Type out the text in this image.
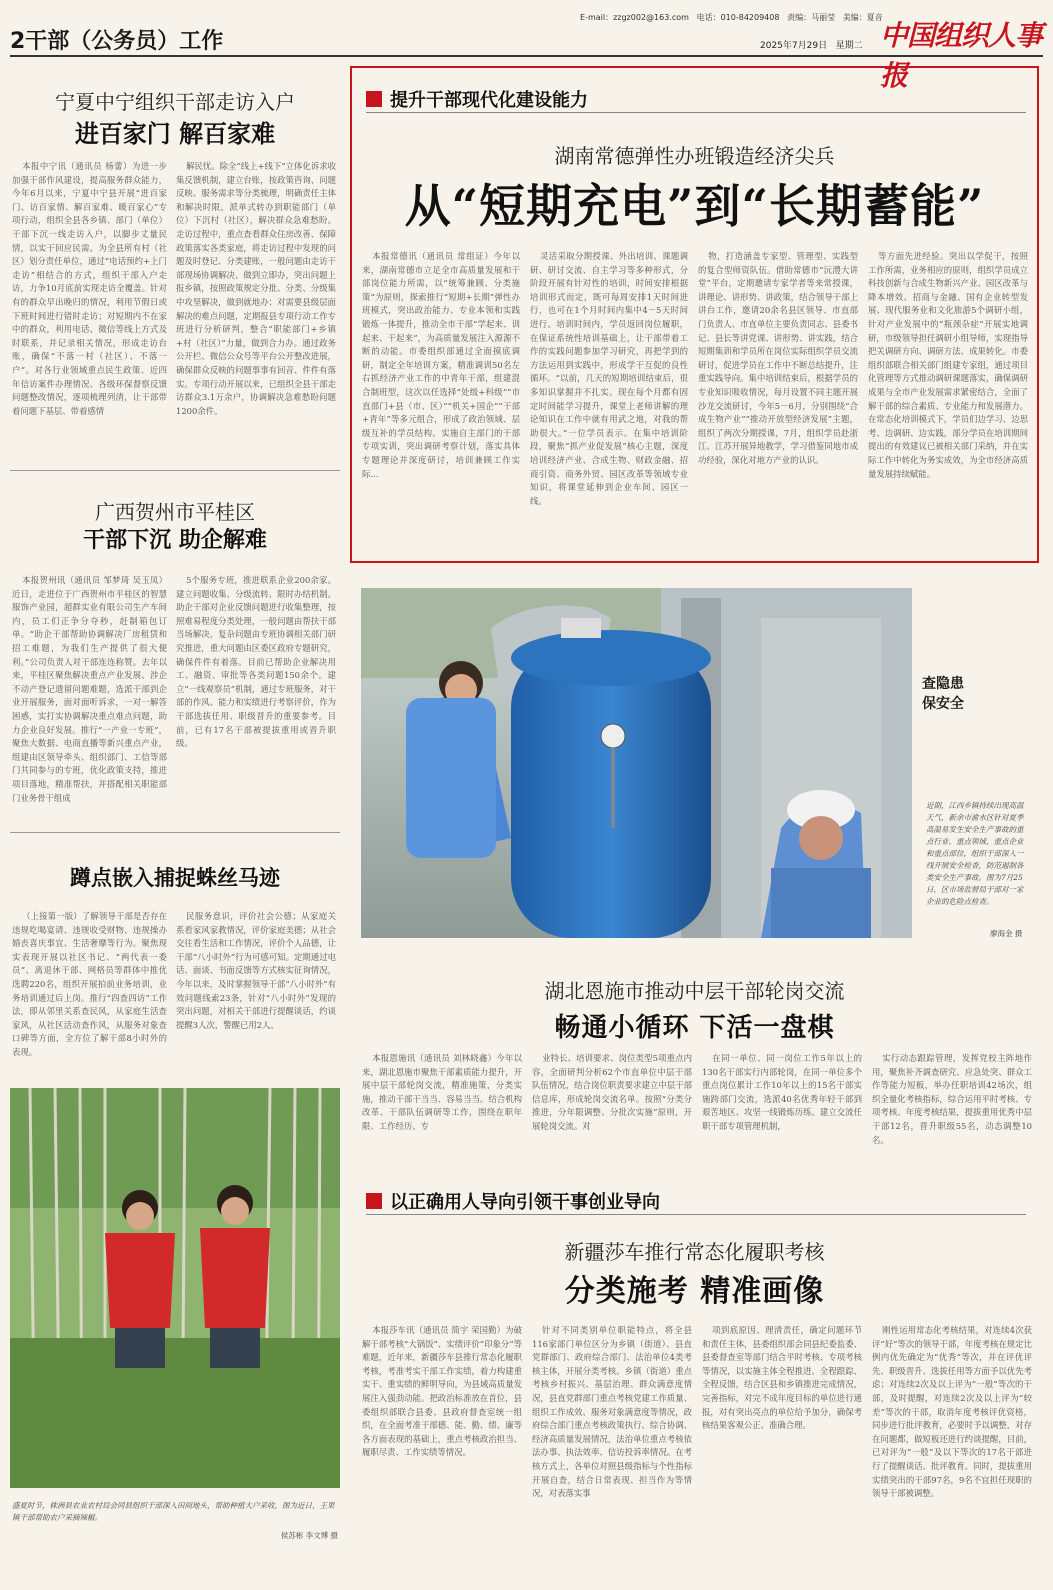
2干部（公务员）工作
E-mail：zzgz002@163.com 电话：010-84209408 责编：马丽莹 美编：夏音
2025年7月29日 星期二 中国组织人事报
宁夏中宁组织干部走访入户
进百家门 解百家难

本报中宁讯（通讯员 杨蕾）为进一步加强干部作风建设，提高服务群众能力，今年6月以来，宁夏中宁县开展“进百家门、访百家情、解百家难、暖百家心”专项行动，组织全县各乡镇、部门（单位）干部下沉一线走访入户，以脚步丈量民情，以实干回应民需。为全县所有村（社区）划分责任单位，通过“电话预约+上门走访”相结合的方式，组织干部入户走访，力争10月底前实现走访全覆盖。针对有的群众早出晚归的情况，利用节假日或下班时间进行错时走访；对短期内不在家中的群众，利用电话、微信等线上方式及时联系，并记录相关情况，形成走访台账，确保“不落一村（社区）、不落一户”。对各行业领域重点民生政策、近四年信访案件办理情况、各级环保督察反馈问题整改情况，逐项梳理列清，让干部带着问题下基层、带着感情

解民忧。除全“线上+线下”立体化诉求收集反馈机制，建立台账，按政策咨询、问题反映、服务需求等分类梳理，明确责任主体和解决时限，派单式转办到职能部门（单位）下沉村（社区），解决群众急难愁盼。走访过程中，重点查看群众住房改善、保障政策落实各类家庭，将走访过程中发现的问题及时登记、分类建账，一般问题由走访干部现场协调解决、做到立即办，突出问题上报乡镇，按照政策规定分批、分类、分级集中攻坚解决，做到就地办；对需要县级层面解决的难点问题，定期报县专项行动工作专班进行分析研判，整合“职能部门+乡镇+村（社区）”力量，做到合力办。通过政务公开栏、微信公众号等平台公开整改进展，确保群众反映的问题事事有回音、件件有落实。专项行动开展以来，已组织全县干部走访群众3.1万余户，协调解决急难愁盼问题1200余件。

广西贺州市平桂区
干部下沉 助企解难

本报贺州讯（通讯员 邹梦琦 吴玉凤）近日，走进位于广西贺州市平桂区的智慧服饰产业园，超群实业有限公司生产车间内，员工们正争分夺秒，赶制箱包订单。“助企干部帮助协调解决厂房租赁和招工难题，为我们生产提供了很大便利。”公司负责人对干部连连称赞。去年以来，平桂区聚焦解决重点产业发展、涉企不动产登记遗留问题难题，选派干部到企业开展服务，面对面听诉求，一对一解答困惑，实打实协调解决重点难点问题，助力企业良好发展。推行“一产业一专班”，聚焦大数据、电商直播等新兴重点产业，组建由区领导牵头、组织部门、工信等部门共同参与的专班，优化政策支持，推进项目落地，精准帮扶，并搭配相关职能部门业务骨干组成

5个服务专班，推进联系企业200余家。建立问题收集、分级流转、限时办结机制。助企干部对企业反馈问题进行收集整理，按照难易程度分类处理，一般问题由帮扶干部当场解决，复杂问题由专班协调相关部门研究推进，重大问题由区委区政府专题研究，确保件件有着落。目前已帮助企业解决用工、融资、审批等各类问题150余个。建立“一线观察员”机制，通过专班服务，对干部的作风、能力和实绩进行考察评价，作为干部选拔任用、职级晋升的重要参考。目前，已有17名干部被提拔重用或晋升职级。

蹲点嵌入捕捉蛛丝马迹

（上接第一版）了解领导干部是否存在违规吃喝宴请、违规收受财物、违规操办婚丧喜庆事宜、生活奢靡等行为。聚焦现实表现开展以社区书记、“两代表一委员”、离退休干部、网格员等群体中推优选聘220名，组织开展拍前业务培训，业务培训通过后上岗。推行“四查四访”工作法，即从邻里关系查民风，从家庭生活查家风，从社区活动查作风，从服务对象查口碑等方面，全方位了解干部8小时外的表现。

民服务意识，评价社会公德；从家庭关系看家风家教情况，评价家庭美德；从社会交往看生活和工作情况，评价个人品德，让干部“八小时外”行为可感可知。定期通过电话、面谈、书面反馈等方式核实征询情况，今年以来，及时掌握领导干部“八小时外”有效问题线索23条，针对“八小时外”发现的突出问题，对相关干部进行提醒谈话，约谈提醒3人次，警醒已用2人。

提升干部现代化建设能力
湖南常德弹性办班锻造经济尖兵
从“短期充电”到“长期蓄能”

本报常德讯（通讯员 常组证）今年以来，湖南常德市立足全市高质量发展和干部岗位能力所需，以“统筹兼顾、分类施策”为原则，探索推行“短期+长期”弹性办班模式，突出政治能力、专业本领和实践锻炼一体提升，推动全市干部“学起来、训起来、干起来”，为高质量发展注入源源不断的动能。市委组织部通过全面摸底调研，制定全年培训方案，精准调训50名左右抓经济产业工作的中青年干部，组建混合制班型，这次以任选择“处级+科级”“市直部门+县（市、区）”“机关+国企”“干部+青年”等多元组合，形成了政治领域、层级互补的学员结构。实施自主部门的干部专项实训，突出调研考察计划，落实具体专题理论并深度研讨，培训兼顾工作实际...

灵活采取分期授课、外出培训、课题调研、研讨交流、自主学习等多种形式，分阶段开展有针对性的培训，时间安排根据培训形式而定，既可每周安排1天时间进行，也可在1个月时间内集中4－5天时间进行。培训时间内，学员返回岗位履职，在保证系统性培训基础上，让干部带着工作的实践问题参加学习研究，再把学到的方法运用到实践中，形成学干互促的良性循环。“以前，几天的短期培训结束后，很多知识掌握并不扎实。现在每个月都有固定时间能学习提升，课堂上老师讲解的理论知识在工作中就有用武之地，对我的帮助很大。”一位学员表示。在集中培训阶段，聚焦“抓产业促发展”核心主题，深度培训经济产业、合成生物、财政金融、招商引资、商务外贸、园区改革等领域专业知识，将课堂延伸到企业车间、园区一线。

物，打造涵盖专家型、管理型、实践型的复合型师资队伍。借助常德市“沅澧大讲堂”平台，定期邀请专家学者等来常授课，讲理论、讲形势、讲政策，结合领导干部上讲台工作，邀请20余名县区领导、市直部门负责人、市直单位主要负责同志、县委书记、县长等讲党课、讲形势、讲实践，结合短期集训和学员所在岗位实际组织学员交流研讨，促进学员在工作中不断总结提升，注重实践导向。集中培训结束后，根据学员的专业知识吸收情况，每月设置不同主题开展沙龙交流研讨，今年5－6月，分别围绕“合成生物产业”“推动开放型经济发展”主题，组织了两次分期授课，7月，组织学员赴浙江、江苏开展异地教学，学习借鉴同地市成功经验，深化对地方产业的认识。

等方面先进经验。突出以学促干，按照工作所需，业务相应的原则，组织学员成立科技创新与合成生物新兴产业、园区改革与降本增效、招商与金融、国有企业转型发展、现代服务业和文化旅游5个调研小组，针对产业发展中的“瓶颈杂症”开展实地调研，市级领导担任调研小组导师，实现指导把关调研方向、调研方法、成果转化。市委组织部联合相关部门组建专家组，通过项目化管理等方式推动调研课题落实，确保调研成果与全市产业发展需求紧密结合，全面了解干部的综合素质、专业能力和发展潜力。在常态化培训模式下，学员们边学习、边思考、边调研、边实践，部分学员在培训期间提出的有效建议已被相关部门采纳，并在实际工作中转化为务实成效，为全市经济高质量发展持续赋能。

查隐患
保安全
近期，江西乡镇持续出现高温天气，新余市渝水区针对夏季高温易发生安全生产事故的重点行业、重点领域、重点企业和重点部位，组织干部深入一线开展安全检查，防范遏制各类安全生产事故。图为7月25日，区市场监督局干部对一家企业的危险点检查。
廖海金 摄
湖北恩施市推动中层干部轮岗交流
畅通小循环 下活一盘棋

本报恩施讯（通讯员 刘林晓鑫）今年以来，湖北恩施市聚焦干部素质能力提升，开展中层干部轮岗交流，精准施策，分类实施，推动干部干当当、容易当当。结合机构改革、干部队伍调研等工作，围绕在职年限、工作经历、专

业特长、培训要求、岗位类型5项重点内容，全面研判分析62个市直单位中层干部队伍情况，结合岗位职责要求建立中层干部信息库，形成轮岗交流名单。按照“分类分推进，分年限调整、分批次实施”原则，开展轮岗交流。对

在同一单位、同一岗位工作5年以上的130名干部实行内部轮岗，在同一单位多个重点岗位累计工作10年以上的15名干部实施跨部门交流，选派40名优秀年轻干部到艰苦地区、攻坚一线锻炼历练。建立交流任职干部专项管理机制，

实行动态跟踪管理，发挥党校主阵地作用，聚焦补齐调查研究、应急处突、群众工作等能力短板，举办任职培训42场次，组织全量化考核指标，综合运用平时考核、专项考核、年度考核结果，提拔重用优秀中层干部12名，晋升职级55名，动态调整10名。

盛夏时节，株洲县农业农村局会同县组织干部深入田间地头，帮助种植大户采收，图为近日，王果镇干部帮助农户采摘辣椒。
侯苏彬 李文博 摄
以正确用人导向引领干事创业导向
新疆莎车推行常态化履职考核
分类施考 精准画像

本报莎车讯（通讯员 简宇 荣国勤）为破解干部考核“大锅饭”、实绩评价“印象分”等难题，近年来，新疆莎车县推行常态化履职考核，考准考实干部工作实绩，着力构建重实干、重实绩的鲜明导向，为县域高质量发展注入强劲动能。把政治标准放在首位，县委组织部联合县委、县政府督查室统一组织，在全面考准干部德、能、勤、绩、廉等各方面表现的基础上，重点考核政治担当、履职尽责、工作实绩等情况。

针对不同类别单位职能特点，将全县116家部门单位区分为乡镇（街道）、县直党群部门、政府综合部门、法治单位4类考核主体，开展分类考核。乡镇（街道）重点考核乡村振兴、基层治理、群众满意度情况，县直党群部门重点考核党建工作质量、组织工作成效、服务对象满意度等情况，政府综合部门重点考核政策执行、综合协调、经济高质量发展情况，法治单位重点考核依法办事、执法效率、信访投诉率情况。在考核方式上，各单位对照县级指标与个性指标开展自查，结合日常表现、担当作为等情况，对表落实事

项到底原因、理清责任，确定问题环节和责任主体，县委组织部会同县纪委监委、县委督查室等部门结合平时考核、专项考核等情况，以实施主体全程推进、全程跟踪、全程反馈，结合区县和乡镇推进完成情况，完善指标，对完不成年度目标的单位进行通报，对有突出亮点的单位给予加分，确保考核结果客观公正、准确合理。

刚性运用常态化考核结果，对连续4次获评“好”等次的领导干部，年度考核在规定比例内优先确定为“优秀”等次，并在评优评先、职级晋升、选拔任用等方面予以优先考虑；对连续2次及以上评为“一般”等次的干部，及时提醒，对连续2次及以上评为“较差”等次的干部，取消年度考核评优资格，同步进行批评教育，必要时予以调整，对存在问题都，做短板还进行约谈提醒，目前，已对评为“一般”及以下等次的17名干部进行了提醒谈话、批评教育。同时，提拔重用实绩突出的干部97名，9名不宜担任现职的领导干部被调整。
